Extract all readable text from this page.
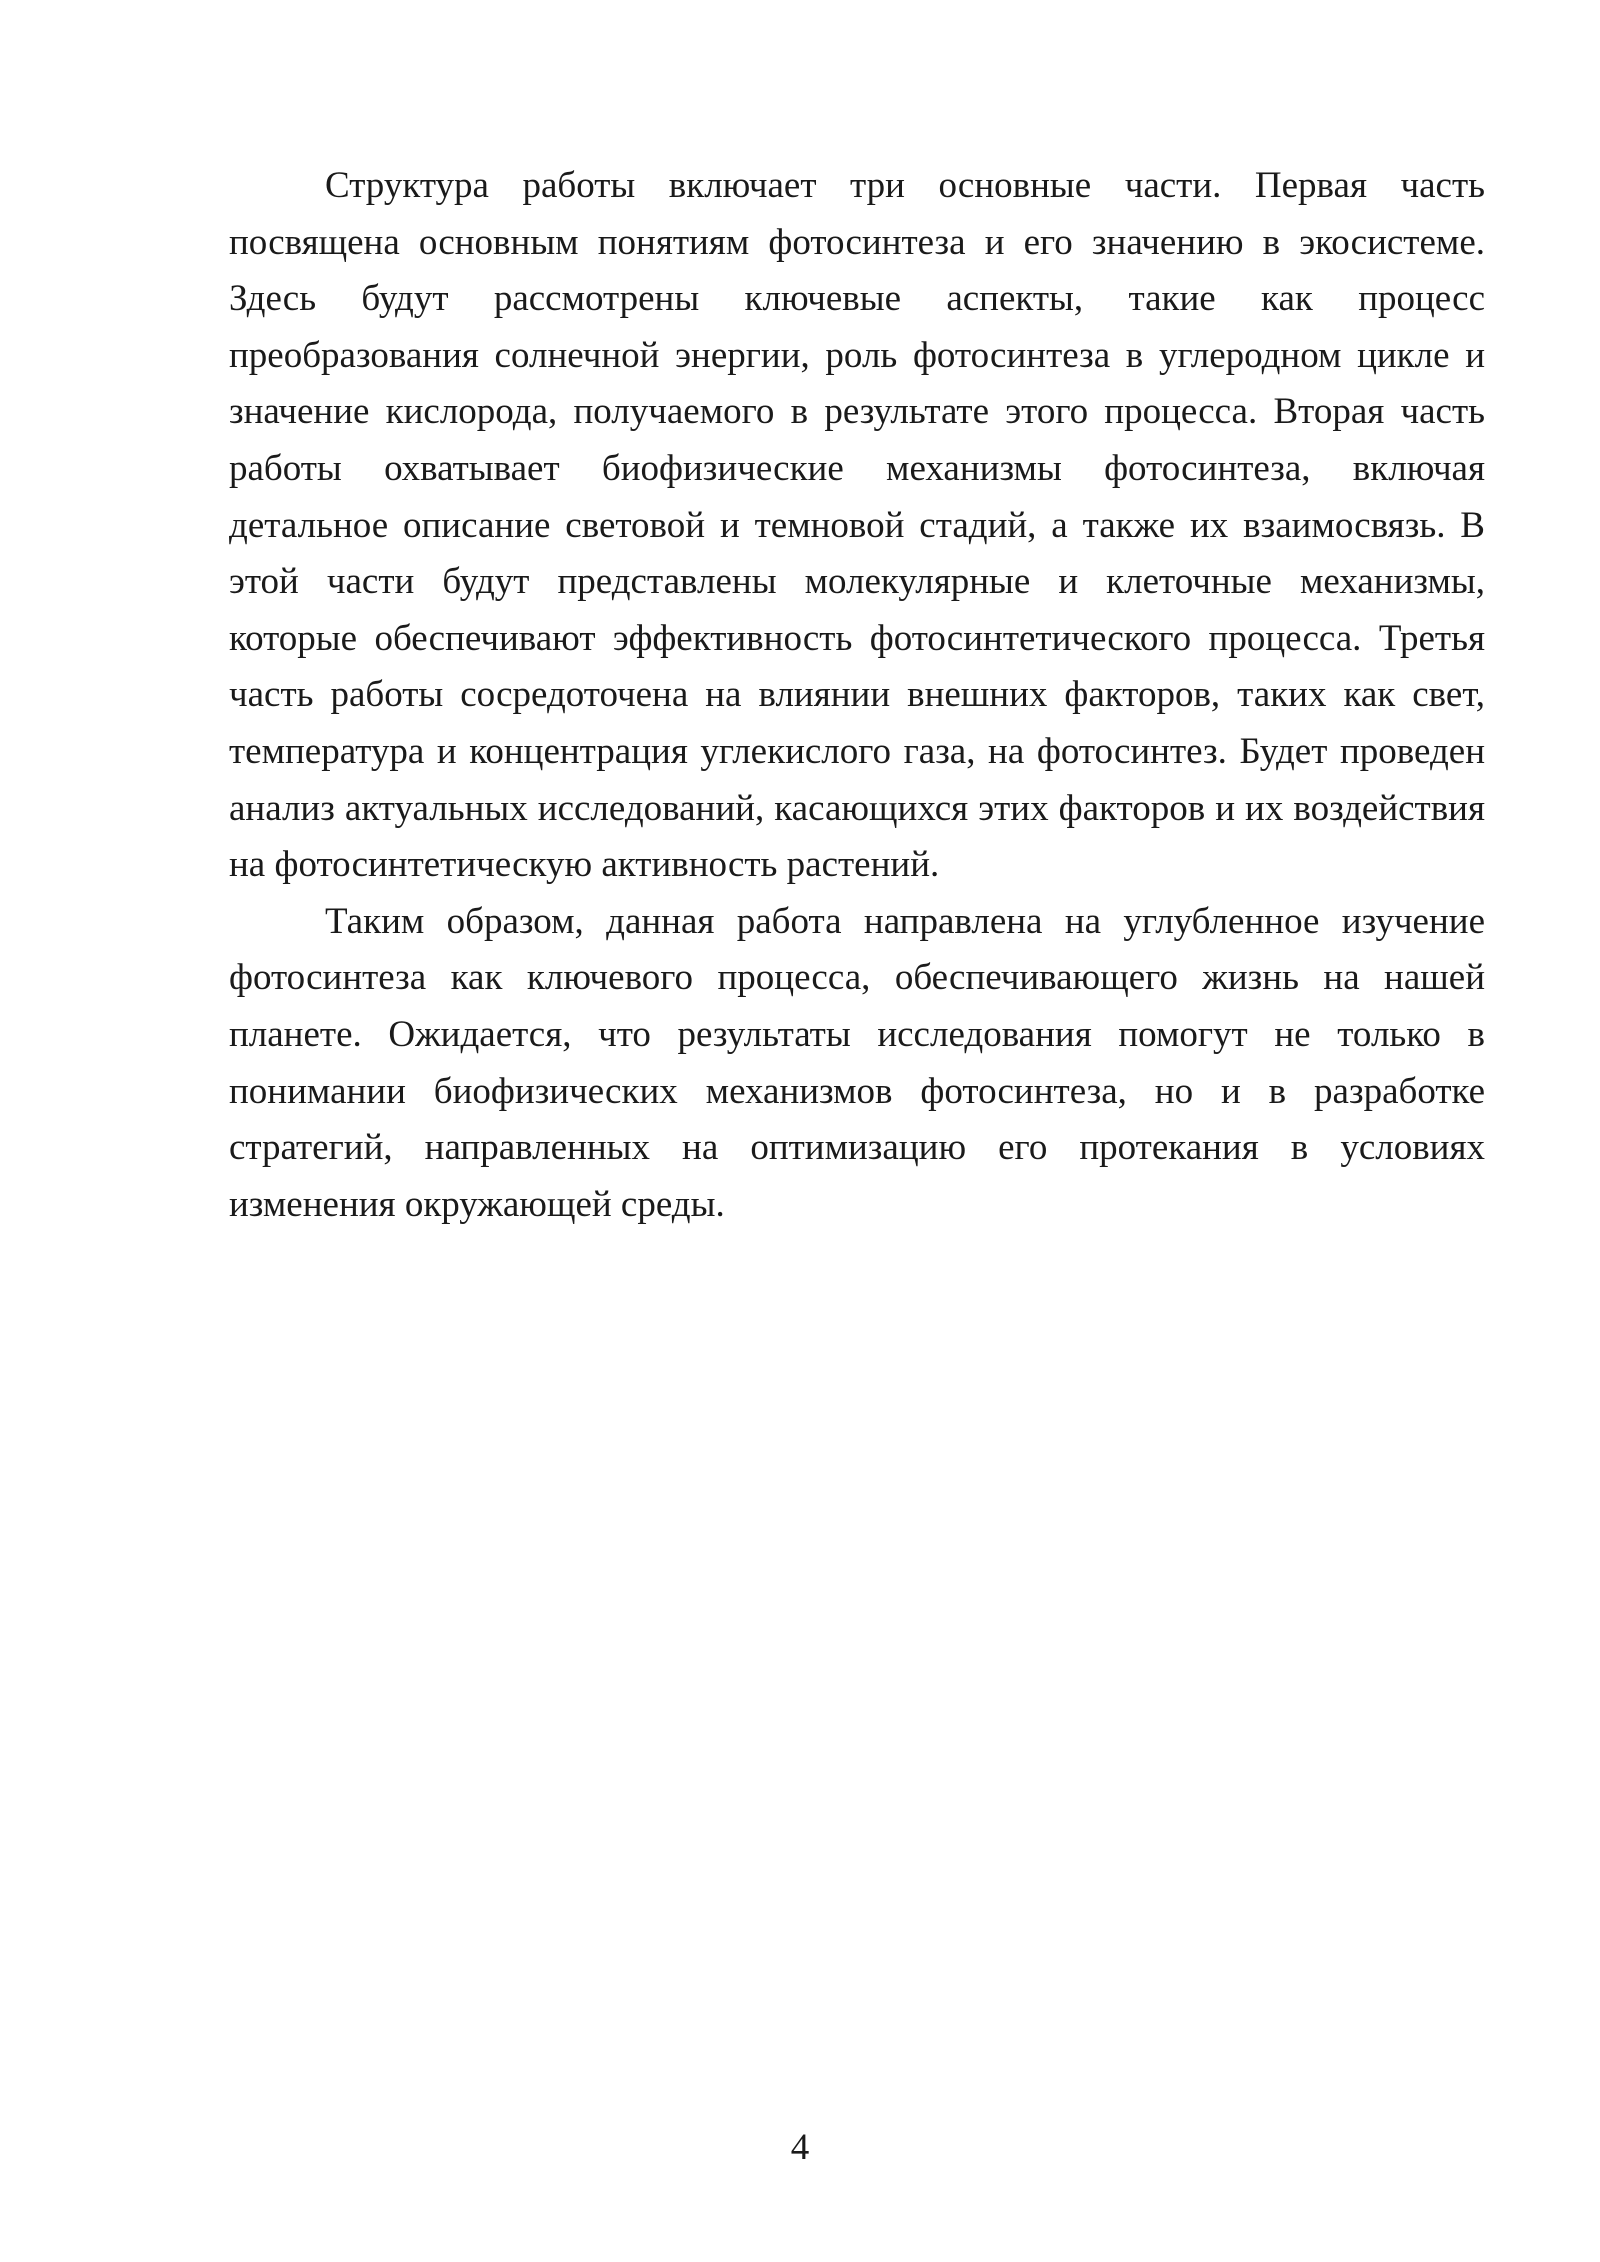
Структура работы включает три основные части. Первая часть посвящена основным понятиям фотосинтеза и его значению в экосистеме. Здесь будут рассмотрены ключевые аспекты, такие как процесс преобразования солнечной энергии, роль фотосинтеза в углеродном цикле и значение кислорода, получаемого в результате этого процесса. Вторая часть работы охватывает биофизические механизмы фотосинтеза, включая детальное описание световой и темновой стадий, а также их взаимосвязь. В этой части будут представлены молекулярные и клеточные механизмы, которые обеспечивают эффективность фотосинтетического процесса. Третья часть работы сосредоточена на влиянии внешних факторов, таких как свет, температура и концентрация углекислого газа, на фотосинтез. Будет проведен анализ актуальных исследований, касающихся этих факторов и их воздействия на фотосинтетическую активность растений.

Таким образом, данная работа направлена на углубленное изучение фотосинтеза как ключевого процесса, обеспечивающего жизнь на нашей планете. Ожидается, что результаты исследования помогут не только в понимании биофизических механизмов фотосинтеза, но и в разработке стратегий, направленных на оптимизацию его протекания в условиях изменения окружающей среды.

4
